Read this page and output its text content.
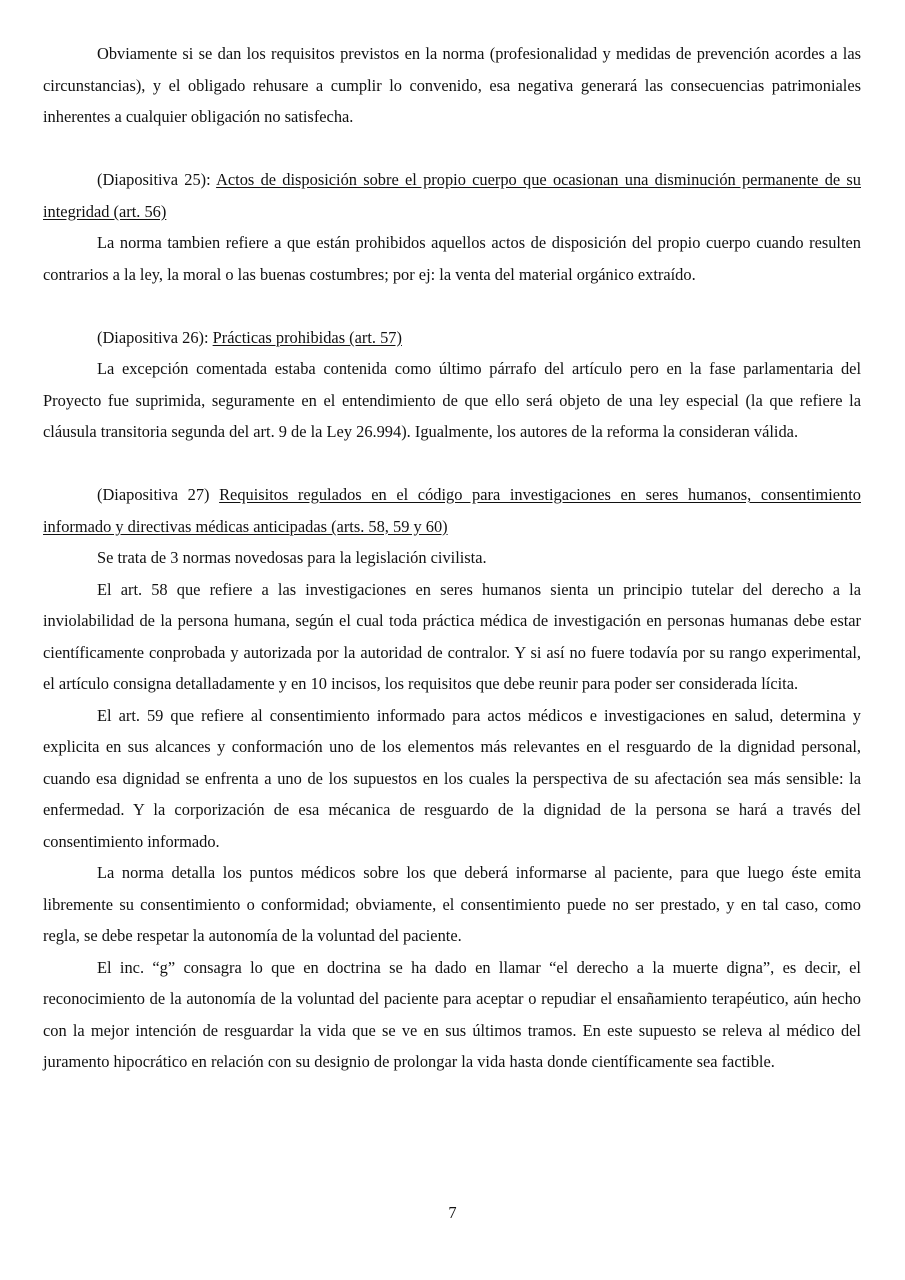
Obviamente si se dan los requisitos previstos en la norma (profesionalidad y medidas de prevención acordes a las circunstancias), y el obligado rehusare a cumplir lo convenido, esa negativa generará las consecuencias patrimoniales inherentes a cualquier obligación no satisfecha.

(Diapositiva 25): Actos de disposición sobre el propio cuerpo que ocasionan una disminución permanente de su integridad (art. 56)

La norma tambien refiere a que están prohibidos aquellos actos de disposición del propio cuerpo cuando resulten contrarios a la ley, la moral o las buenas costumbres; por ej: la venta del material orgánico extraído.

(Diapositiva 26): Prácticas prohibidas (art. 57)

La excepción comentada estaba contenida como último párrafo del artículo pero en la fase parlamentaria del Proyecto fue suprimida, seguramente en el entendimiento de que ello será objeto de una ley especial (la que refiere la cláusula transitoria segunda del art. 9 de la Ley 26.994). Igualmente, los autores de la reforma la consideran válida.

(Diapositiva 27) Requisitos regulados en el código para investigaciones en seres humanos, consentimiento informado y directivas médicas anticipadas (arts. 58, 59 y 60)

Se trata de 3 normas novedosas para la legislación civilista.

El art. 58 que refiere a las investigaciones en seres humanos sienta un principio tutelar del derecho a la inviolabilidad de la persona humana, según el cual toda práctica médica de investigación en personas humanas debe estar científicamente conprobada y autorizada por la autoridad de contralor. Y si así no fuere todavía por su rango experimental, el artículo consigna detalladamente y en 10 incisos, los requisitos que debe reunir para poder ser considerada lícita.

El art. 59 que refiere al consentimiento informado para actos médicos e investigaciones en salud, determina y explicita en sus alcances y conformación uno de los elementos más relevantes en el resguardo de la dignidad personal, cuando esa dignidad se enfrenta a uno de los supuestos en los cuales la perspectiva de su afectación sea más sensible: la enfermedad. Y la corporización de esa mécanica de resguardo de la dignidad de la persona se hará a través del consentimiento informado.

La norma detalla los puntos médicos sobre los que deberá informarse al paciente, para que luego éste emita libremente su consentimiento o conformidad; obviamente, el consentimiento puede no ser prestado, y en tal caso, como regla, se debe respetar la autonomía de la voluntad del paciente.

El inc. “g” consagra lo que en doctrina se ha dado en llamar “el derecho a la muerte digna”, es decir, el reconocimiento de la autonomía de la voluntad del paciente para aceptar o repudiar el ensañamiento terapéutico, aún hecho con la mejor intención de resguardar la vida que se ve en sus últimos tramos. En este supuesto se releva al médico del juramento hipocrático en relación con su designio de prolongar la vida hasta donde científicamente sea factible.

7
